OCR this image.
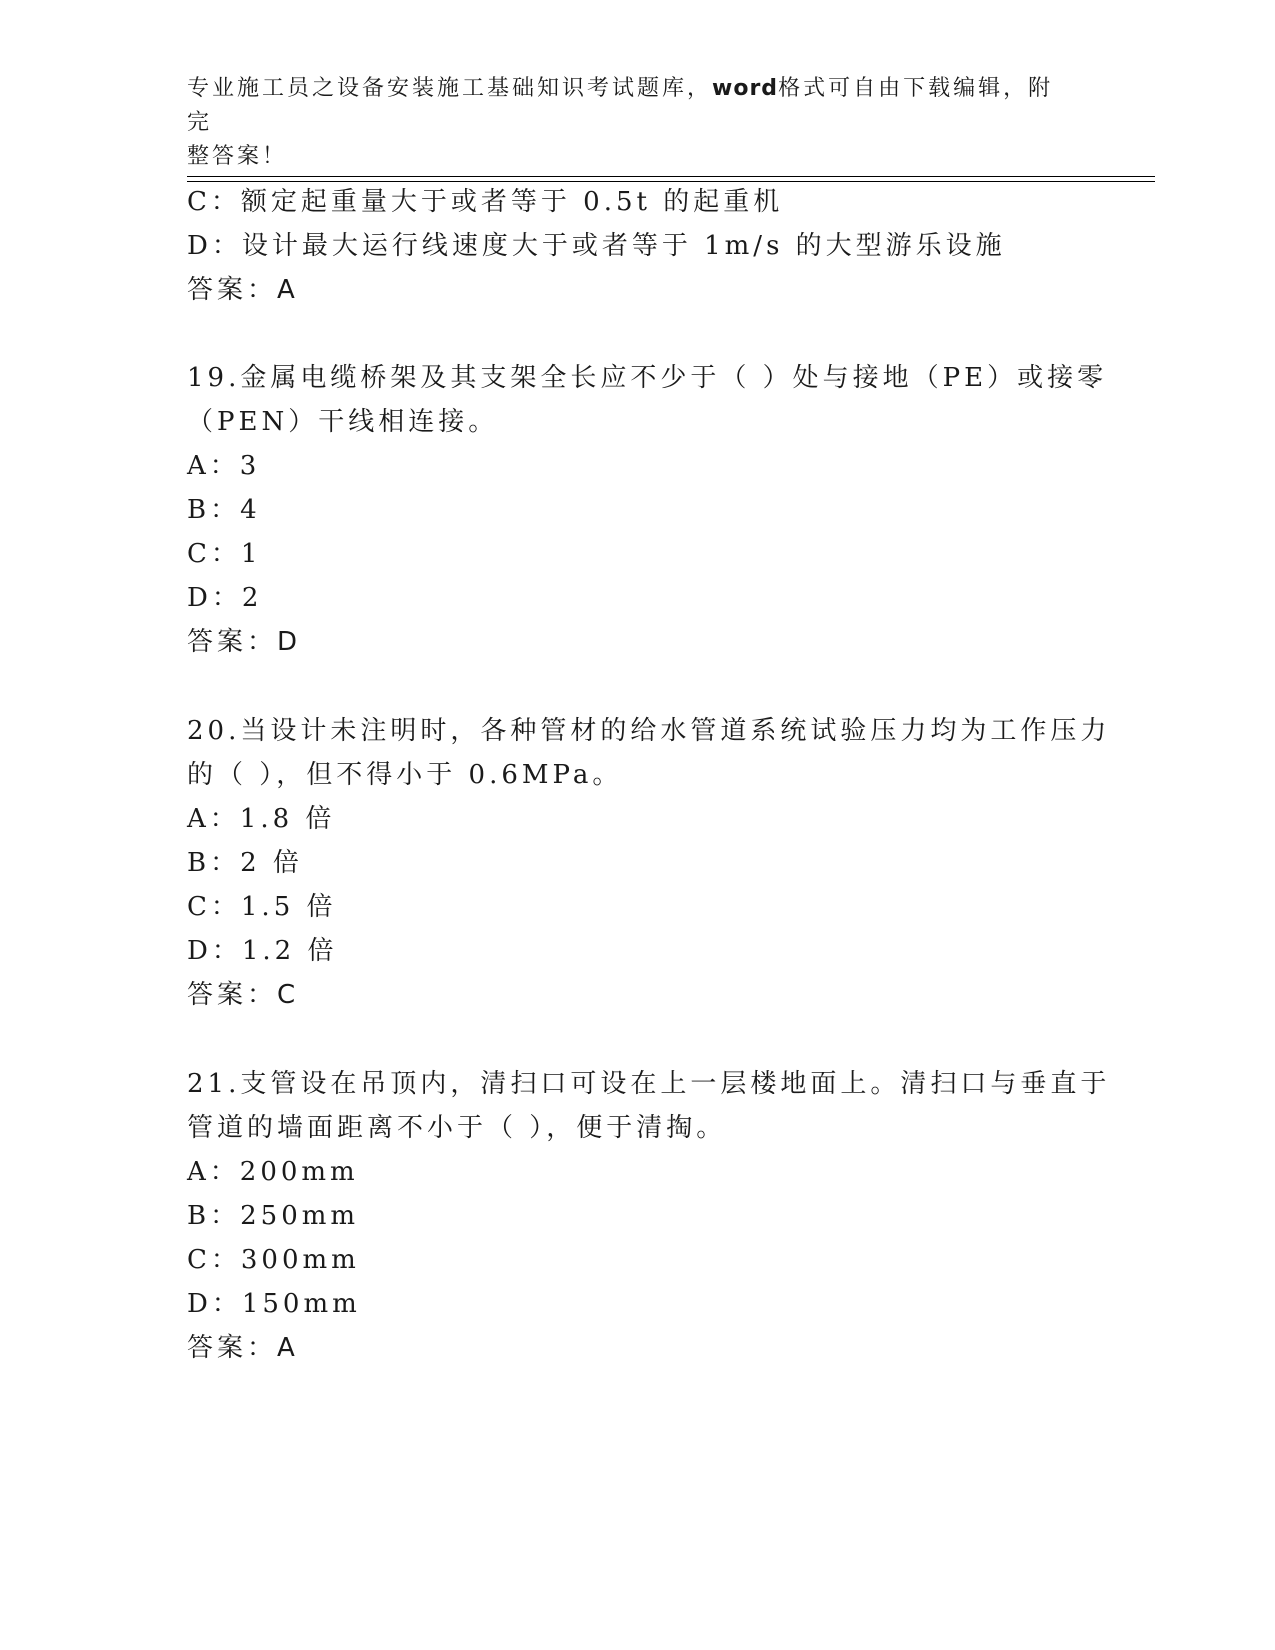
专业施工员之设备安装施工基础知识考试题库，word格式可自由下载编辑，附完
整答案！
C：额定起重量大于或者等于 0.5t 的起重机
D：设计最大运行线速度大于或者等于 1m/s 的大型游乐设施
答案：A
19.金属电缆桥架及其支架全长应不少于（ ）处与接地（PE）或接零
（PEN）干线相连接。
A：3
B：4
C：1
D：2
答案：D
20.当设计未注明时，各种管材的给水管道系统试验压力均为工作压力
的（ ），但不得小于 0.6MPa。
A：1.8 倍
B：2 倍
C：1.5 倍
D：1.2 倍
答案：C
21.支管设在吊顶内，清扫口可设在上一层楼地面上。清扫口与垂直于
管道的墙面距离不小于（ ），便于清掏。
A：200mm
B：250mm
C：300mm
D：150mm
答案：A
